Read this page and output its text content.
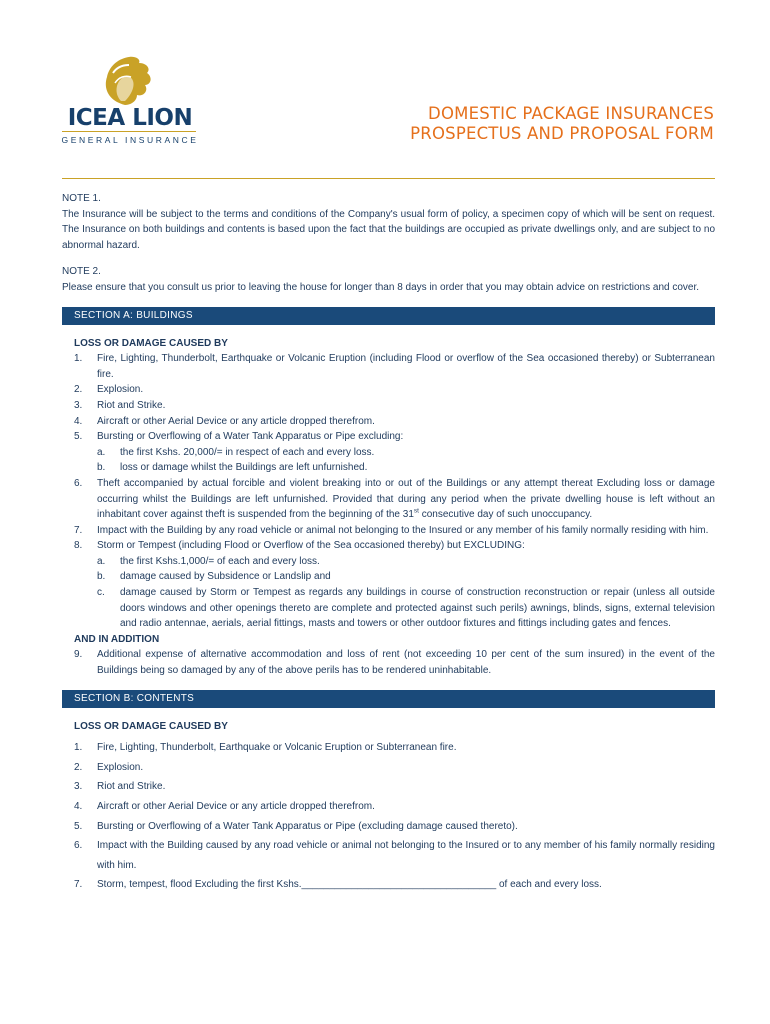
ICEA LION
GENERAL INSURANCE
DOMESTIC PACKAGE INSURANCES
PROSPECTUS AND PROPOSAL FORM

NOTE 1.

The Insurance will be subject to the terms and conditions of the Company's usual form of policy, a specimen copy of which will be sent on request. The Insurance on both buildings and contents is based upon the fact that the buildings are occupied as private dwellings only, and are subject to no abnormal hazard.

NOTE 2.

Please ensure that you consult us prior to leaving the house for longer than 8 days in order that you may obtain advice on restrictions and cover.

SECTION A: BUILDINGS

LOSS OR DAMAGE CAUSED BY

1. Fire, Lighting, Thunderbolt, Earthquake or Volcanic Eruption (including Flood or overflow of the Sea occasioned thereby) or Subterranean fire.
2. Explosion.
3. Riot and Strike.
4. Aircraft or other Aerial Device or any article dropped therefrom.
5. Bursting or Overflowing of a Water Tank Apparatus or Pipe excluding:
a. the first Kshs. 20,000/= in respect of each and every loss.
b. loss or damage whilst the Buildings are left unfurnished.
6. Theft accompanied by actual forcible and violent breaking into or out of the Buildings or any attempt thereat Excluding loss or damage occurring whilst the Buildings are left unfurnished. Provided that during any period when the private dwelling house is left without an inhabitant cover against theft is suspended from the beginning of the 31st consecutive day of such unoccupancy.
7. Impact with the Building by any road vehicle or animal not belonging to the Insured or any member of his family normally residing with him.
8. Storm or Tempest (including Flood or Overflow of the Sea occasioned thereby) but EXCLUDING:
a. the first Kshs.1,000/= of each and every loss.
b. damage caused by Subsidence or Landslip and
c. damage caused by Storm or Tempest as regards any buildings in course of construction reconstruction or repair (unless all outside doors windows and other openings thereto are complete and protected against such perils) awnings, blinds, signs, external television and radio antennae, aerials, aerial fittings, masts and towers or other outdoor fixtures and fittings including gates and fences.

AND IN ADDITION

9. Additional expense of alternative accommodation and loss of rent (not exceeding 10 per cent of the sum insured) in the event of the Buildings being so damaged by any of the above perils has to be rendered uninhabitable.
SECTION B: CONTENTS

LOSS OR DAMAGE CAUSED BY

1. Fire, Lighting, Thunderbolt, Earthquake or Volcanic Eruption or Subterranean fire.
2. Explosion.
3. Riot and Strike.
4. Aircraft or other Aerial Device or any article dropped therefrom.
5. Bursting or Overflowing of a Water Tank Apparatus or Pipe (excluding damage caused thereto).
6. Impact with the Building caused by any road vehicle or animal not belonging to the Insured or to any member of his family normally residing with him.
7. Storm, tempest, flood Excluding the first Kshs.___________________________________ of each and every loss.
